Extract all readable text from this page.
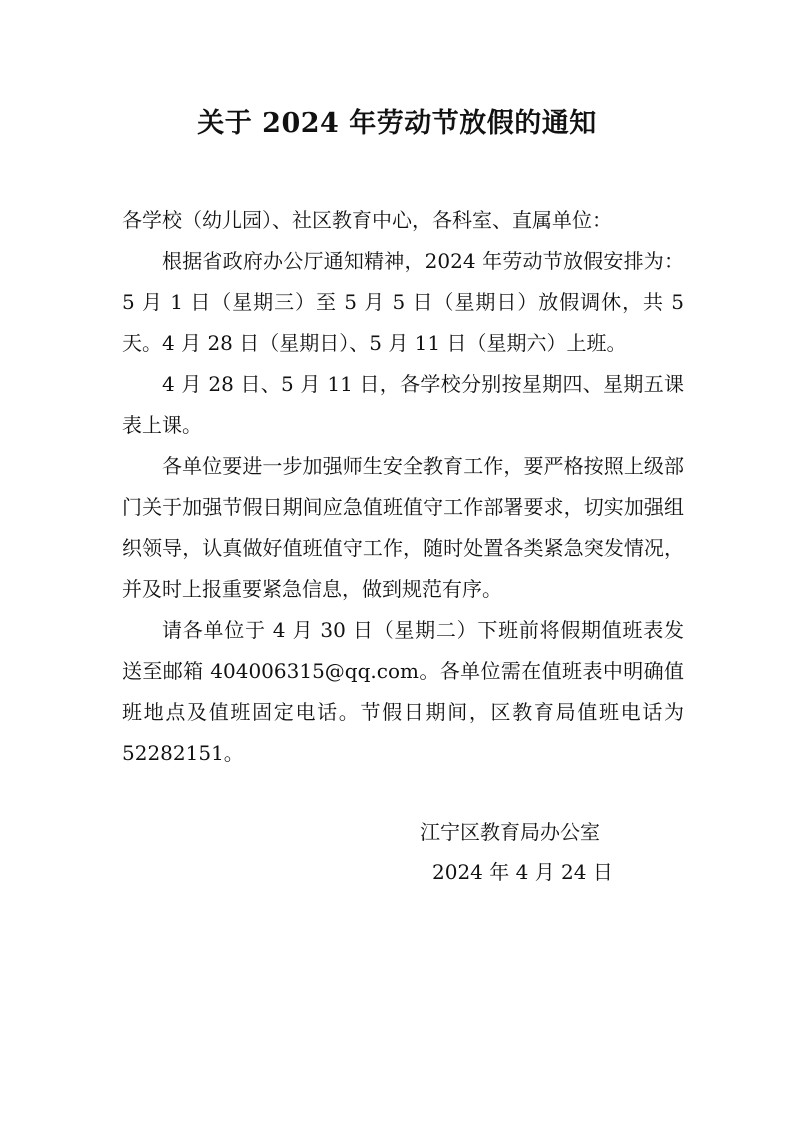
关于 2024 年劳动节放假的通知

各学校（幼儿园）、社区教育中心，各科室、直属单位：

根据省政府办公厅通知精神，2024 年劳动节放假安排为：5 月 1 日（星期三）至 5 月 5 日（星期日）放假调休，共 5 天。4 月 28 日（星期日）、5 月 11 日（星期六）上班。

4 月 28 日、5 月 11 日，各学校分别按星期四、星期五课表上课。

各单位要进一步加强师生安全教育工作，要严格按照上级部门关于加强节假日期间应急值班值守工作部署要求，切实加强组织领导，认真做好值班值守工作，随时处置各类紧急突发情况，并及时上报重要紧急信息，做到规范有序。

请各单位于 4 月 30 日（星期二）下班前将假期值班表发送至邮箱 404006315@qq.com。各单位需在值班表中明确值班地点及值班固定电话。节假日期间，区教育局值班电话为 52282151。

江宁区教育局办公室
2024 年 4 月 24 日
